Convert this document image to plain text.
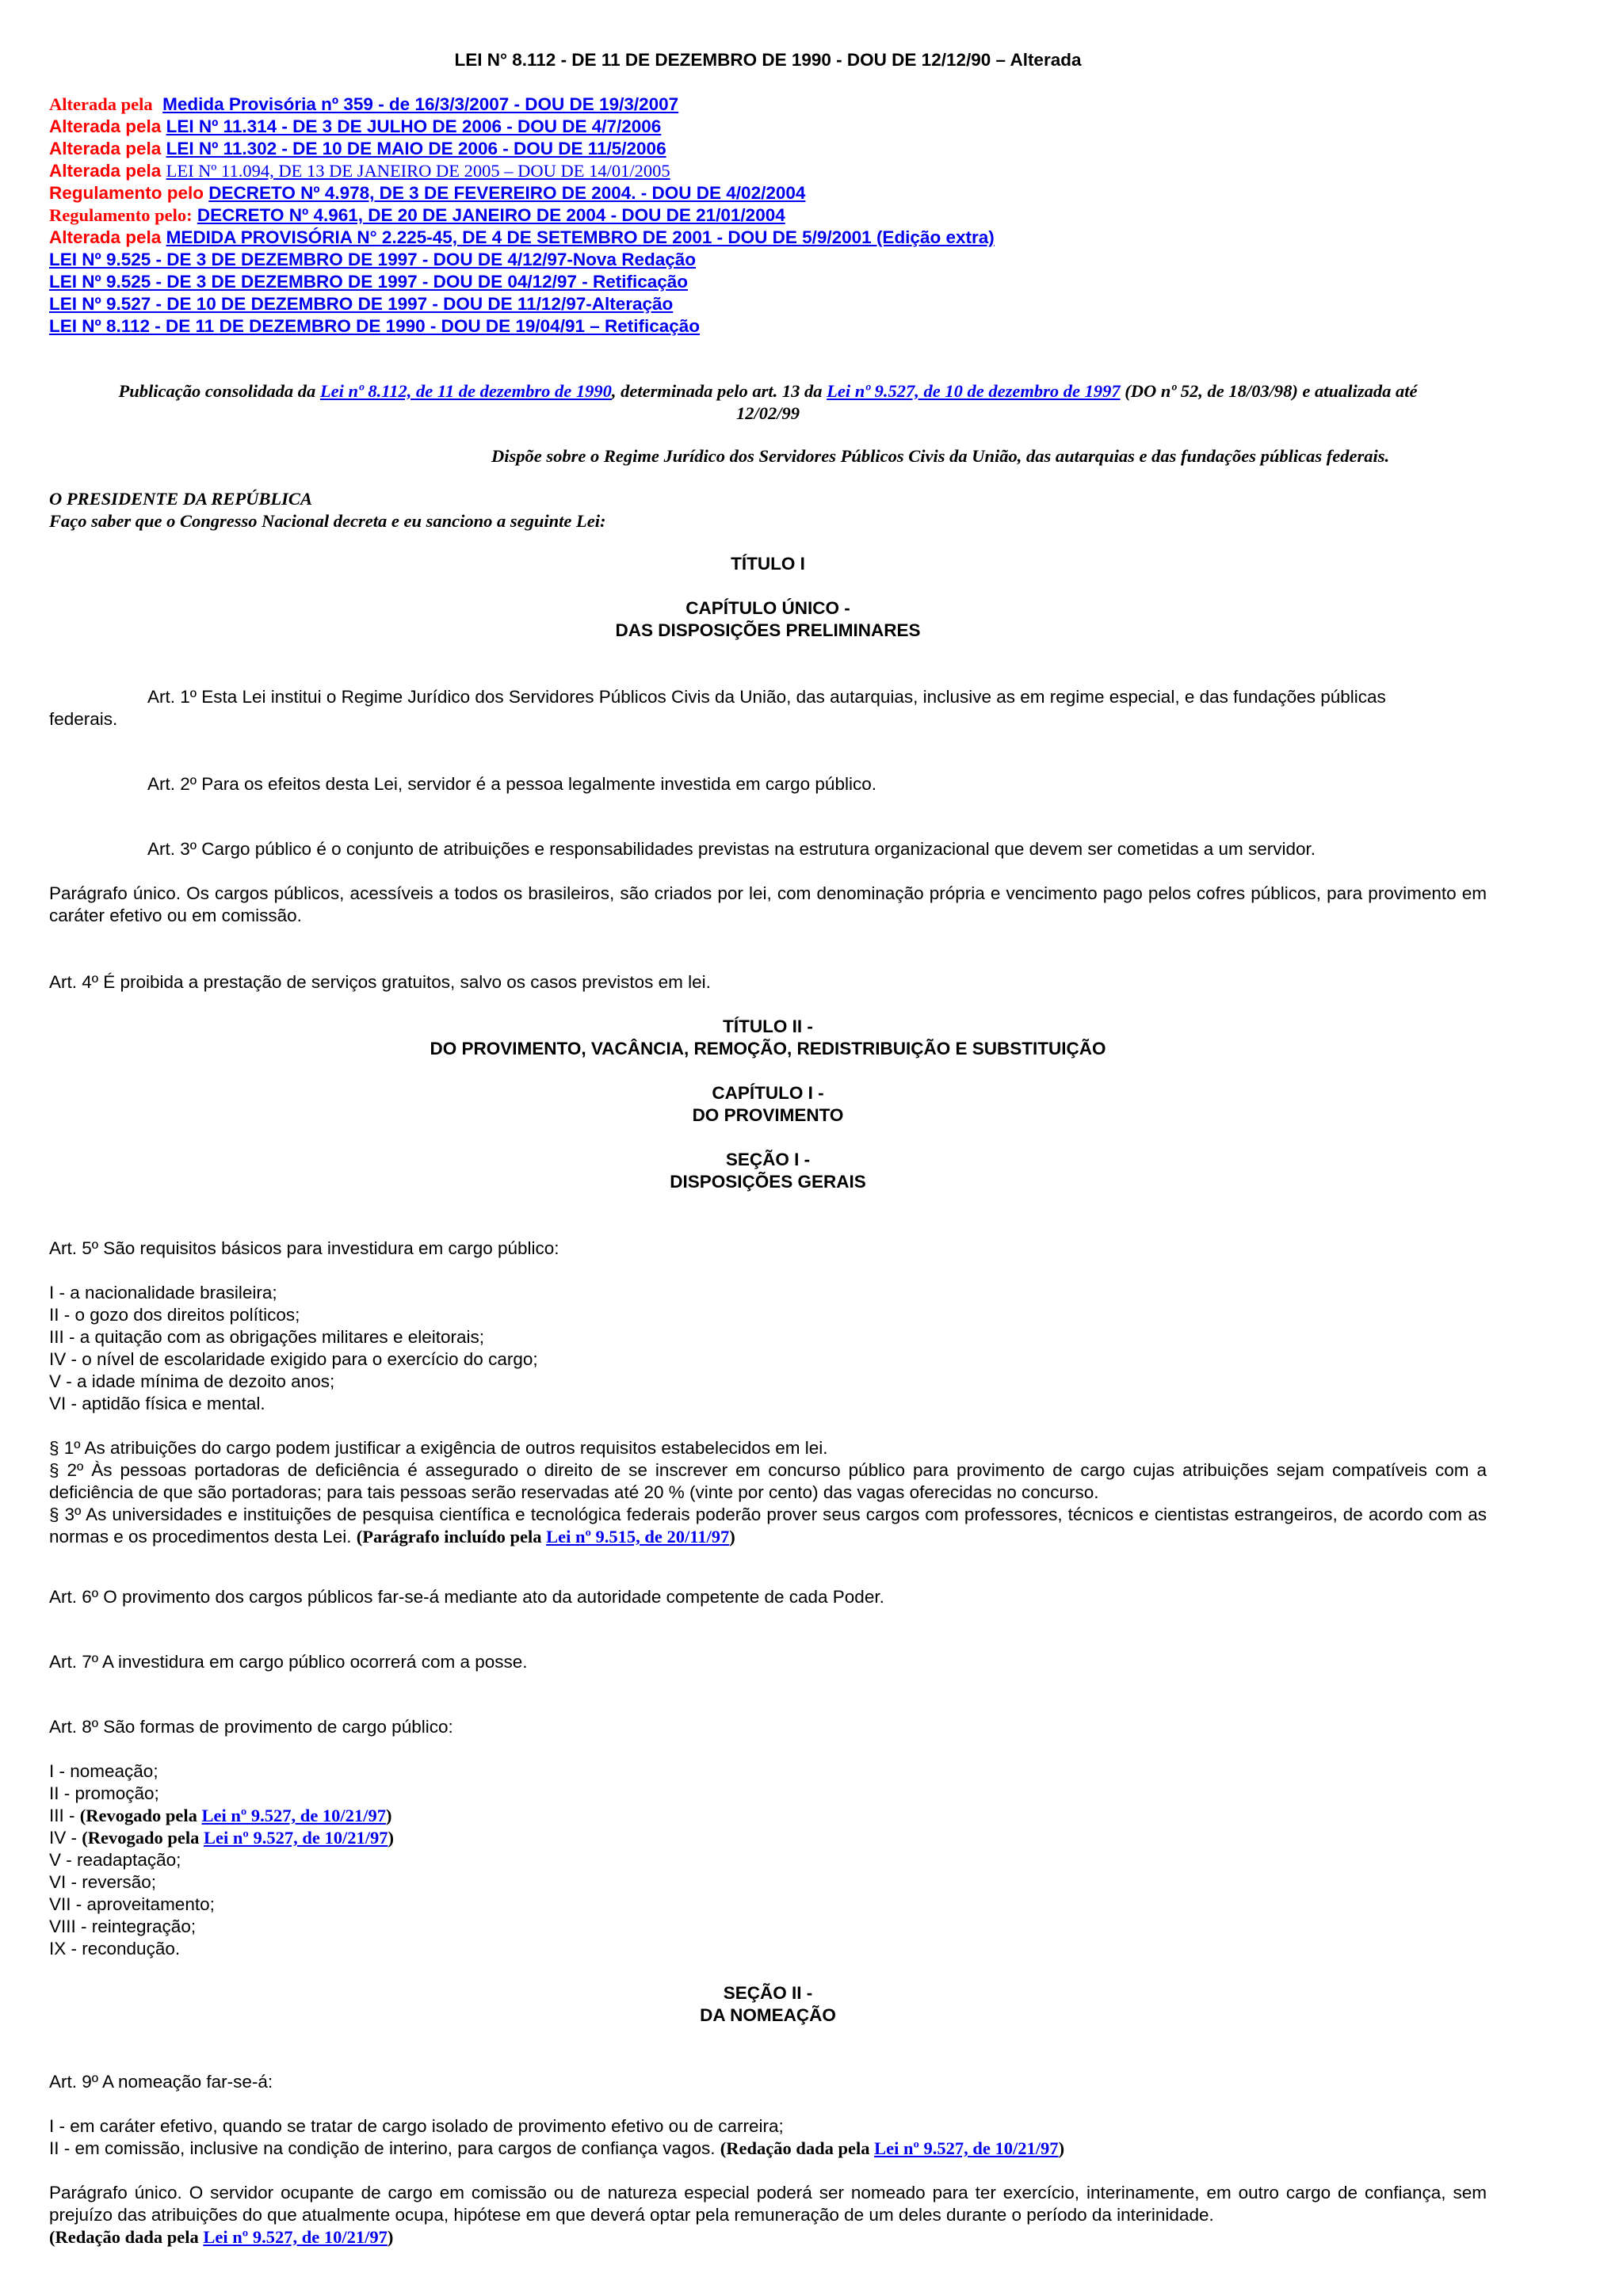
LEI N° 8.112 - DE 11 DE DEZEMBRO DE 1990 - DOU DE 12/12/90 – Alterada
Alterada pela Medida Provisória nº 359 - de 16/3/3/2007 - DOU DE 19/3/2007
Alterada pela LEI Nº 11.314 - DE 3 DE JULHO DE 2006 - DOU DE 4/7/2006
Alterada pela LEI Nº 11.302 - DE 10 DE MAIO DE 2006 - DOU DE 11/5/2006
Alterada pela LEI Nº 11.094, DE 13 DE JANEIRO DE 2005 – DOU DE 14/01/2005
Regulamento pelo DECRETO Nº 4.978, DE 3 DE FEVEREIRO DE 2004. - DOU DE 4/02/2004
Regulamento pelo: DECRETO Nº 4.961, DE 20 DE JANEIRO DE 2004 - DOU DE 21/01/2004
Alterada pela MEDIDA PROVISÓRIA N° 2.225-45, DE 4 DE SETEMBRO DE 2001 - DOU DE 5/9/2001 (Edição extra)
LEI Nº 9.525 - DE 3 DE DEZEMBRO DE 1997 - DOU DE 4/12/97-Nova Redação
LEI Nº 9.525 - DE 3 DE DEZEMBRO DE 1997 - DOU DE 04/12/97 - Retificação
LEI Nº 9.527 - DE 10 DE DEZEMBRO DE 1997 - DOU DE 11/12/97-Alteração
LEI Nº 8.112 - DE 11 DE DEZEMBRO DE 1990 - DOU DE 19/04/91 – Retificação
Publicação consolidada da Lei nº 8.112, de 11 de dezembro de 1990, determinada pelo art. 13 da Lei nº 9.527, de 10 de dezembro de 1997 (DO nº 52, de 18/03/98) e atualizada até
12/02/99
Dispõe sobre o Regime Jurídico dos Servidores Públicos Civis da União, das autarquias e das fundações públicas federais.
O PRESIDENTE DA REPÚBLICA
Faço saber que o Congresso Nacional decreta e eu sanciono a seguinte Lei:
TÍTULO I
CAPÍTULO ÚNICO -
DAS DISPOSIÇÕES PRELIMINARES
Art. 1º Esta Lei institui o Regime Jurídico dos Servidores Públicos Civis da União, das autarquias, inclusive as em regime especial, e das fundações públicas
federais.
Art. 2º Para os efeitos desta Lei, servidor é a pessoa legalmente investida em cargo público.
Art. 3º Cargo público é o conjunto de atribuições e responsabilidades previstas na estrutura organizacional que devem ser cometidas a um servidor.
Parágrafo único. Os cargos públicos, acessíveis a todos os brasileiros, são criados por lei, com denominação própria e vencimento pago pelos cofres públicos, para provimento em caráter efetivo ou em comissão.
Art. 4º É proibida a prestação de serviços gratuitos, salvo os casos previstos em lei.
TÍTULO II -
DO PROVIMENTO, VACÂNCIA, REMOÇÃO, REDISTRIBUIÇÃO E SUBSTITUIÇÃO
CAPÍTULO I -
DO PROVIMENTO
SEÇÃO I -
DISPOSIÇÕES GERAIS
Art. 5º São requisitos básicos para investidura em cargo público:
I - a nacionalidade brasileira;
II - o gozo dos direitos políticos;
III - a quitação com as obrigações militares e eleitorais;
IV - o nível de escolaridade exigido para o exercício do cargo;
V - a idade mínima de dezoito anos;
VI - aptidão física e mental.
§ 1º As atribuições do cargo podem justificar a exigência de outros requisitos estabelecidos em lei.
§ 2º Às pessoas portadoras de deficiência é assegurado o direito de se inscrever em concurso público para provimento de cargo cujas atribuições sejam compatíveis com a deficiência de que são portadoras; para tais pessoas serão reservadas até 20 % (vinte por cento) das vagas oferecidas no concurso.
§ 3º As universidades e instituições de pesquisa científica e tecnológica federais poderão prover seus cargos com professores, técnicos e cientistas estrangeiros, de acordo com as normas e os procedimentos desta Lei. (Parágrafo incluído pela Lei nº 9.515, de 20/11/97)
Art. 6º O provimento dos cargos públicos far-se-á mediante ato da autoridade competente de cada Poder.
Art. 7º A investidura em cargo público ocorrerá com a posse.
Art. 8º São formas de provimento de cargo público:
I - nomeação;
II - promoção;
III - (Revogado pela Lei nº 9.527, de 10/21/97)
IV - (Revogado pela Lei nº 9.527, de 10/21/97)
V - readaptação;
VI - reversão;
VII - aproveitamento;
VIII - reintegração;
IX - recondução.
SEÇÃO II -
DA NOMEAÇÃO
Art. 9º A nomeação far-se-á:
I - em caráter efetivo, quando se tratar de cargo isolado de provimento efetivo ou de carreira;
II - em comissão, inclusive na condição de interino, para cargos de confiança vagos. (Redação dada pela Lei nº 9.527, de 10/21/97)
Parágrafo único. O servidor ocupante de cargo em comissão ou de natureza especial poderá ser nomeado para ter exercício, interinamente, em outro cargo de confiança, sem prejuízo das atribuições do que atualmente ocupa, hipótese em que deverá optar pela remuneração de um deles durante o período da interinidade.
(Redação dada pela Lei nº 9.527, de 10/21/97)
